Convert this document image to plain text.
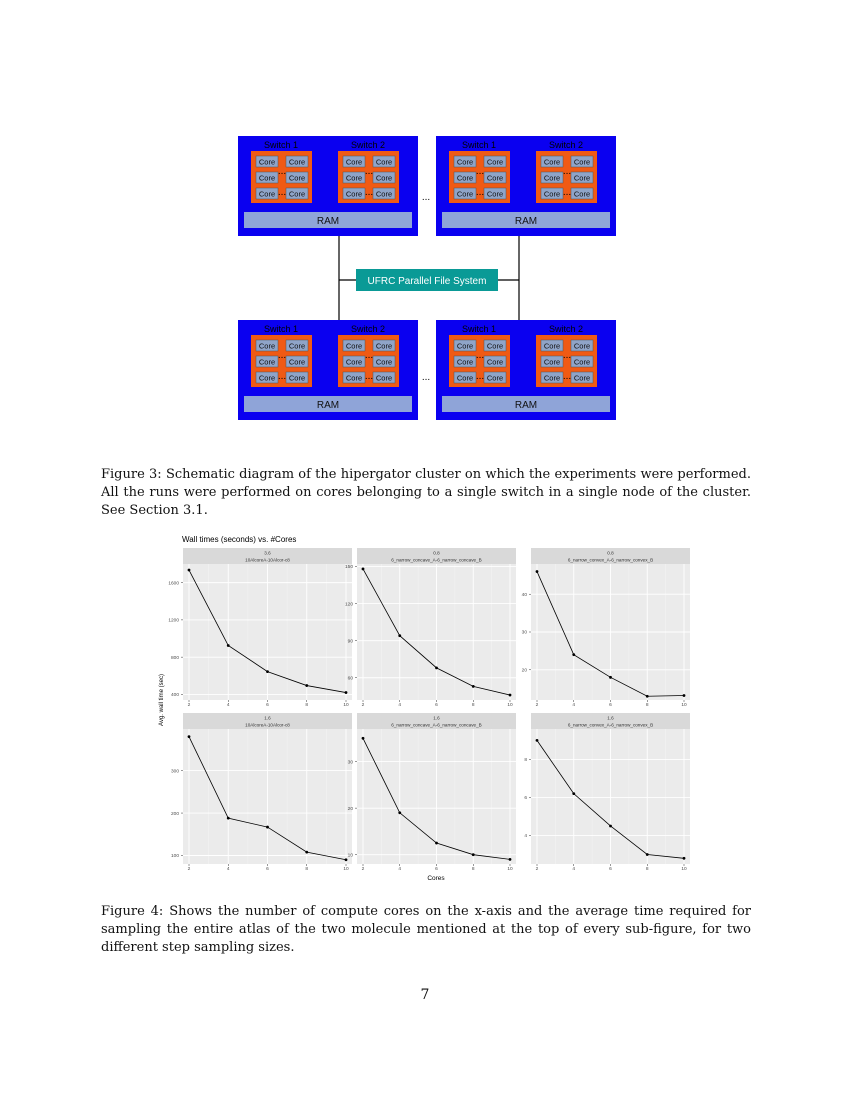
UFRC Parallel File System
Switch 1
Core Core
Core Core
Core Core
...
...
Switch 2
Core Core
Core Core
Core Core
...
...
RAM
Switch 1
Core Core
Core Core
Core Core
...
...
Switch 2
Core Core
Core Core
Core Core
...
...
RAM
Switch 1
Core Core
Core Core
Core Core
...
...
Switch 2
Core Core
Core Core
Core Core
...
...
RAM
Switch 1
Core Core
Core Core
Core Core
...
...
Switch 2
Core Core
Core Core
Core Core
...
...
RAM
...
...

Figure 3: Schematic diagram of the hipergator cluster on which the experiments were performed. All the runs were performed on cores belonging to a single switch in a single node of the cluster. See Section 3.1.

Wall times (seconds) vs. #Cores
Avg. wall time (sec)
Cores
3.6
10AlcoreA-10Alcor-c8
2	4	6	8	10
400
800
1200
1600
0.8
6_narrow_concave_A-6_narrow_concave_B
2	4	6	8	10
60
90
120
150
0.8
6_narrow_convex_A-6_narrow_convex_B
2	4	6	8	10
20
30
40
1.6
10AlcoreA-10Alcor-c8
2	4	6	8	10
100
200
300
1.6
6_narrow_concave_A-6_narrow_concave_B
2	4	6	8	10
10
20
30
1.6
6_narrow_convex_A-6_narrow_convex_B
2	4	6	8	10
4
6
8

Figure 4: Shows the number of compute cores on the x-axis and the average time required for sampling the entire atlas of the two molecule mentioned at the top of every sub-figure, for two different step sampling sizes.

7
